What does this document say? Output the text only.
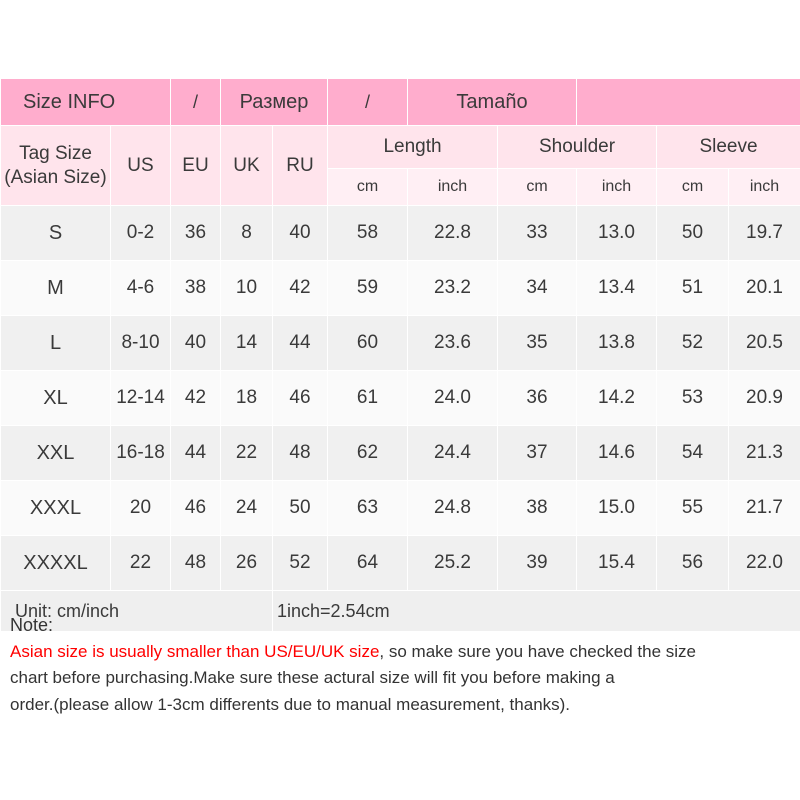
Size INFO		/	Размер		/	Tamaño				
Tag Size
(Asian Size)	US	EU	UK	RU	Length		Shoulder		Sleeve	
					cm	inch	cm	inch	cm	inch
S	0-2	36	8	40	58	22.8	33	13.0	50	19.7
M	4-6	38	10	42	59	23.2	34	13.4	51	20.1
L	8-10	40	14	44	60	23.6	35	13.8	52	20.5
XL	12-14	42	18	46	61	24.0	36	14.2	53	20.9
XXL	16-18	44	22	48	62	24.4	37	14.6	54	21.3
XXXL	20	46	24	50	63	24.8	38	15.0	55	21.7
XXXXL	22	48	26	52	64	25.2	39	15.4	56	22.0
Unit: cm/inch				1inch=2.54cm						
Note:
Asian size is usually smaller than US/EU/UK size, so make sure you have checked the size
chart before purchasing.Make sure these actural size will fit you before making a
order.(please allow 1-3cm differents due to manual measurement, thanks).
